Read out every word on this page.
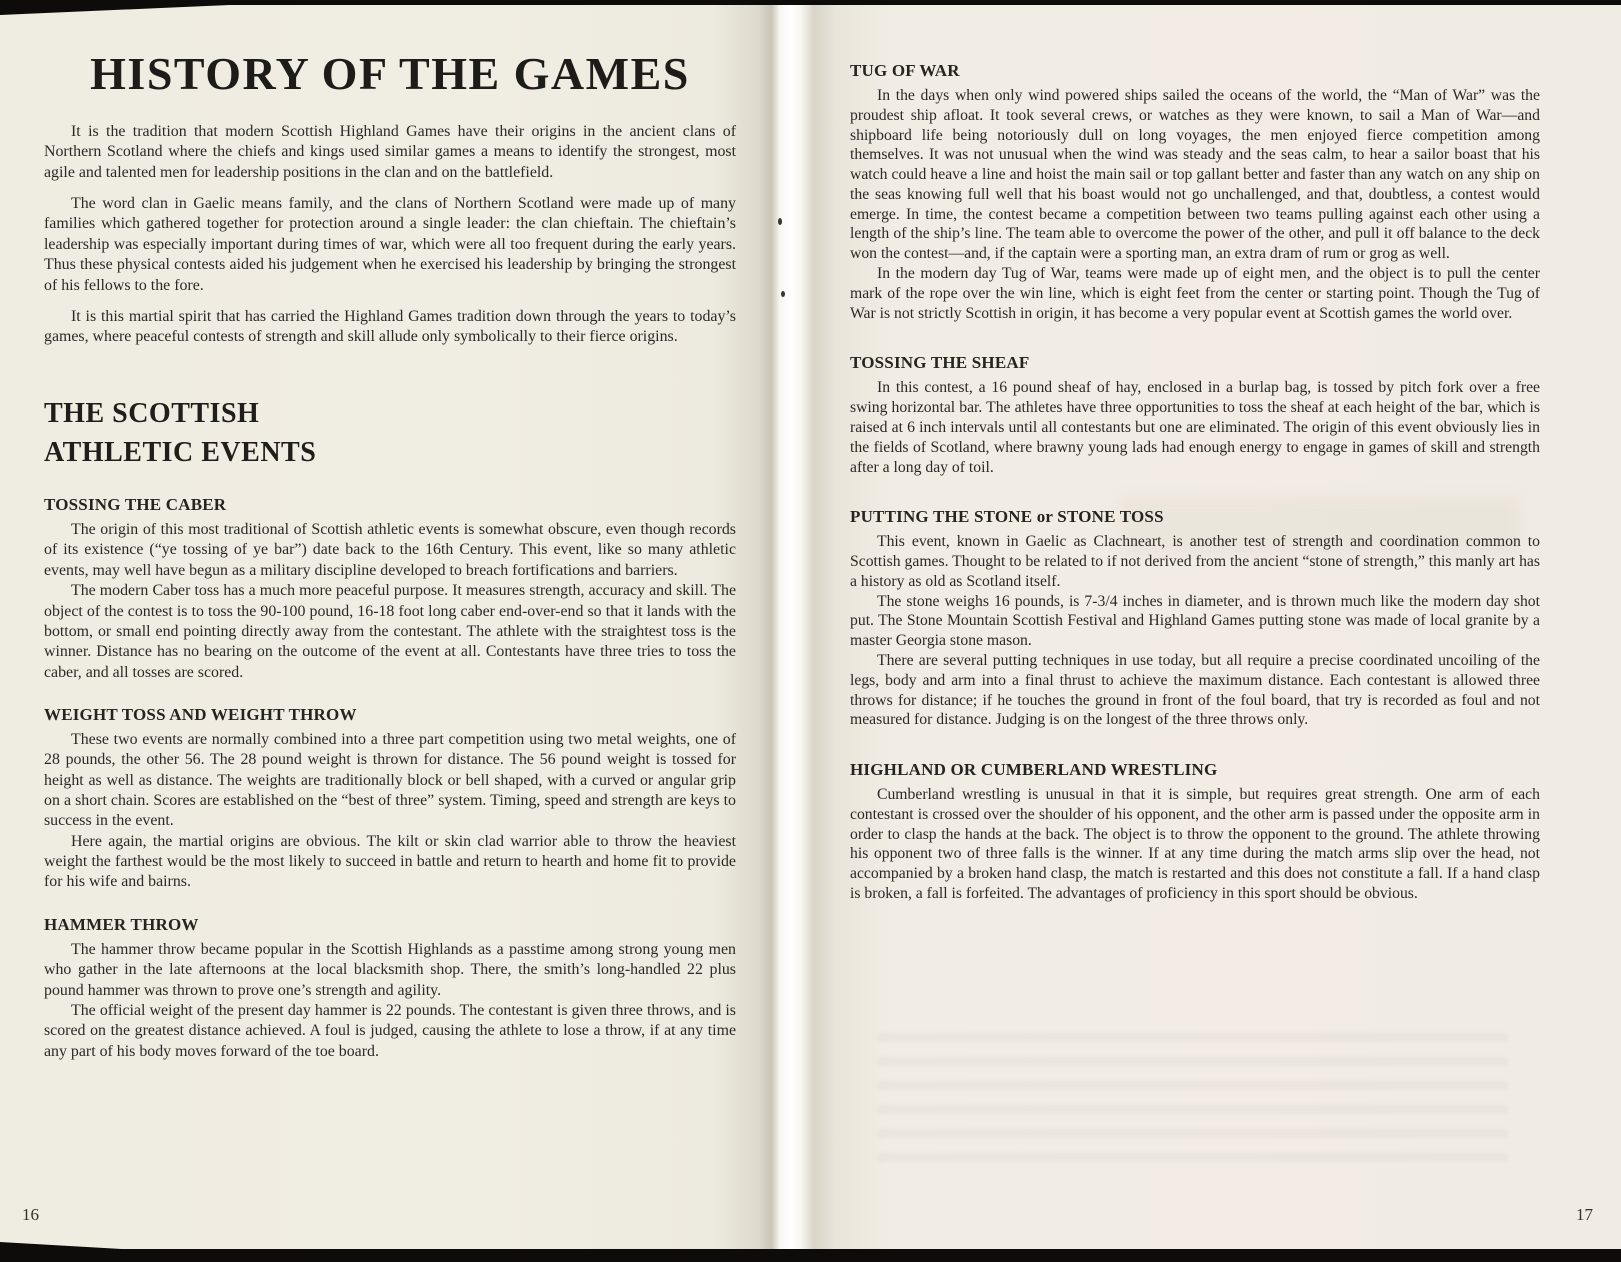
HISTORY OF THE GAMES

It is the tradition that modern Scottish Highland Games have their origins in the ancient clans of Northern Scotland where the chiefs and kings used similar games a means to identify the strongest, most agile and talented men for leadership positions in the clan and on the battlefield.

The word clan in Gaelic means family, and the clans of Northern Scotland were made up of many families which gathered together for protection around a single leader: the clan chieftain. The chieftain’s leadership was especially important during times of war, which were all too frequent during the early years. Thus these physical contests aided his judgement when he exercised his leadership by bringing the strongest of his fellows to the fore.

It is this martial spirit that has carried the Highland Games tradition down through the years to today’s games, where peaceful contests of strength and skill allude only symbolically to their fierce origins.

THE SCOTTISH
ATHLETIC EVENTS
TOSSING THE CABER

The origin of this most traditional of Scottish athletic events is somewhat obscure, even though records of its existence (“ye tossing of ye bar”) date back to the 16th Century. This event, like so many athletic events, may well have begun as a military discipline developed to breach fortifications and barriers.

The modern Caber toss has a much more peaceful purpose. It measures strength, accuracy and skill. The object of the contest is to toss the 90-100 pound, 16-18 foot long caber end-over-end so that it lands with the bottom, or small end pointing directly away from the contestant. The athlete with the straightest toss is the winner. Distance has no bearing on the outcome of the event at all. Contestants have three tries to toss the caber, and all tosses are scored.

WEIGHT TOSS AND WEIGHT THROW

These two events are normally combined into a three part competition using two metal weights, one of 28 pounds, the other 56. The 28 pound weight is thrown for distance. The 56 pound weight is tossed for height as well as distance. The weights are traditionally block or bell shaped, with a curved or angular grip on a short chain. Scores are established on the “best of three” system. Timing, speed and strength are keys to success in the event.

Here again, the martial origins are obvious. The kilt or skin clad warrior able to throw the heaviest weight the farthest would be the most likely to succeed in battle and return to hearth and home fit to provide for his wife and bairns.

HAMMER THROW

The hammer throw became popular in the Scottish Highlands as a passtime among strong young men who gather in the late afternoons at the local blacksmith shop. There, the smith’s long-handled 22 plus pound hammer was thrown to prove one’s strength and agility.

The official weight of the present day hammer is 22 pounds. The contestant is given three throws, and is scored on the greatest distance achieved. A foul is judged, causing the athlete to lose a throw, if at any time any part of his body moves forward of the toe board.

TUG OF WAR

In the days when only wind powered ships sailed the oceans of the world, the “Man of War” was the proudest ship afloat. It took several crews, or watches as they were known, to sail a Man of War—and shipboard life being notoriously dull on long voyages, the men enjoyed fierce competition among themselves. It was not unusual when the wind was steady and the seas calm, to hear a sailor boast that his watch could heave a line and hoist the main sail or top gallant better and faster than any watch on any ship on the seas knowing full well that his boast would not go unchallenged, and that, doubtless, a contest would emerge. In time, the contest became a competition between two teams pulling against each other using a length of the ship’s line. The team able to overcome the power of the other, and pull it off balance to the deck won the contest—and, if the captain were a sporting man, an extra dram of rum or grog as well.

In the modern day Tug of War, teams were made up of eight men, and the object is to pull the center mark of the rope over the win line, which is eight feet from the center or starting point. Though the Tug of War is not strictly Scottish in origin, it has become a very popular event at Scottish games the world over.

TOSSING THE SHEAF

In this contest, a 16 pound sheaf of hay, enclosed in a burlap bag, is tossed by pitch fork over a free swing horizontal bar. The athletes have three opportunities to toss the sheaf at each height of the bar, which is raised at 6 inch intervals until all contestants but one are eliminated. The origin of this event obviously lies in the fields of Scotland, where brawny young lads had enough energy to engage in games of skill and strength after a long day of toil.

PUTTING THE STONE or STONE TOSS

This event, known in Gaelic as Clachneart, is another test of strength and coordination common to Scottish games. Thought to be related to if not derived from the ancient “stone of strength,” this manly art has a history as old as Scotland itself.

The stone weighs 16 pounds, is 7-3/4 inches in diameter, and is thrown much like the modern day shot put. The Stone Mountain Scottish Festival and Highland Games putting stone was made of local granite by a master Georgia stone mason.

There are several putting techniques in use today, but all require a precise coordinated uncoiling of the legs, body and arm into a final thrust to achieve the maximum distance. Each contestant is allowed three throws for distance; if he touches the ground in front of the foul board, that try is recorded as foul and not measured for distance. Judging is on the longest of the three throws only.

HIGHLAND OR CUMBERLAND WRESTLING

Cumberland wrestling is unusual in that it is simple, but requires great strength. One arm of each contestant is crossed over the shoulder of his opponent, and the other arm is passed under the opposite arm in order to clasp the hands at the back. The object is to throw the opponent to the ground. The athlete throwing his opponent two of three falls is the winner. If at any time during the match arms slip over the head, not accompanied by a broken hand clasp, the match is restarted and this does not constitute a fall. If a hand clasp is broken, a fall is forfeited. The advantages of proficiency in this sport should be obvious.

16	17
